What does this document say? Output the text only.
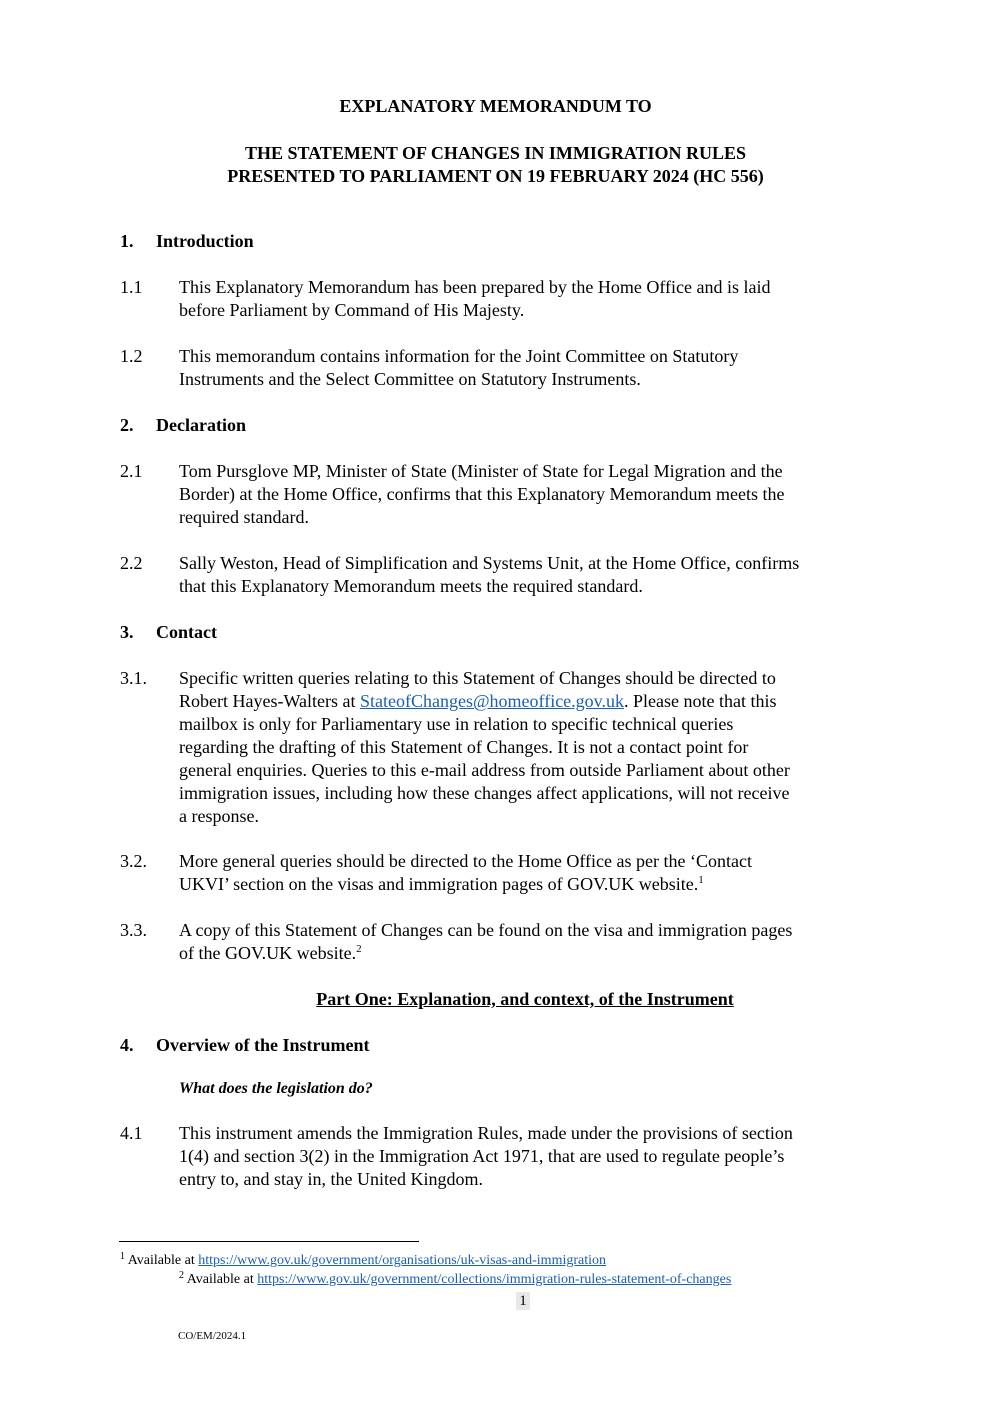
EXPLANATORY MEMORANDUM TO
THE STATEMENT OF CHANGES IN IMMIGRATION RULES
PRESENTED TO PARLIAMENT ON 19 FEBRUARY 2024 (HC 556)
1. Introduction
1.1 This Explanatory Memorandum has been prepared by the Home Office and is laid
before Parliament by Command of His Majesty.
1.2 This memorandum contains information for the Joint Committee on Statutory
Instruments and the Select Committee on Statutory Instruments.
2. Declaration
2.1 Tom Pursglove MP, Minister of State (Minister of State for Legal Migration and the
Border) at the Home Office, confirms that this Explanatory Memorandum meets the
required standard.
2.2 Sally Weston, Head of Simplification and Systems Unit, at the Home Office, confirms
that this Explanatory Memorandum meets the required standard.
3. Contact
3.1. Specific written queries relating to this Statement of Changes should be directed to
Robert Hayes-Walters at StateofChanges@homeoffice.gov.uk. Please note that this
mailbox is only for Parliamentary use in relation to specific technical queries
regarding the drafting of this Statement of Changes. It is not a contact point for
general enquiries. Queries to this e-mail address from outside Parliament about other
immigration issues, including how these changes affect applications, will not receive
a response.
3.2. More general queries should be directed to the Home Office as per the ‘Contact
UKVI’ section on the visas and immigration pages of GOV.UK website.$^1$
3.3. A copy of this Statement of Changes can be found on the visa and immigration pages
of the GOV.UK website.$^2$
Part One: Explanation, and context, of the Instrument
4. Overview of the Instrument
What does the legislation do?
4.1 This instrument amends the Immigration Rules, made under the provisions of section
1(4) and section 3(2) in the Immigration Act 1971, that are used to regulate people’s
entry to, and stay in, the United Kingdom.
$^1$ Available at https://www.gov.uk/government/organisations/uk-visas-and-immigration
$^2$ Available at https://www.gov.uk/government/collections/immigration-rules-statement-of-changes
1
CO/EM/2024.1
